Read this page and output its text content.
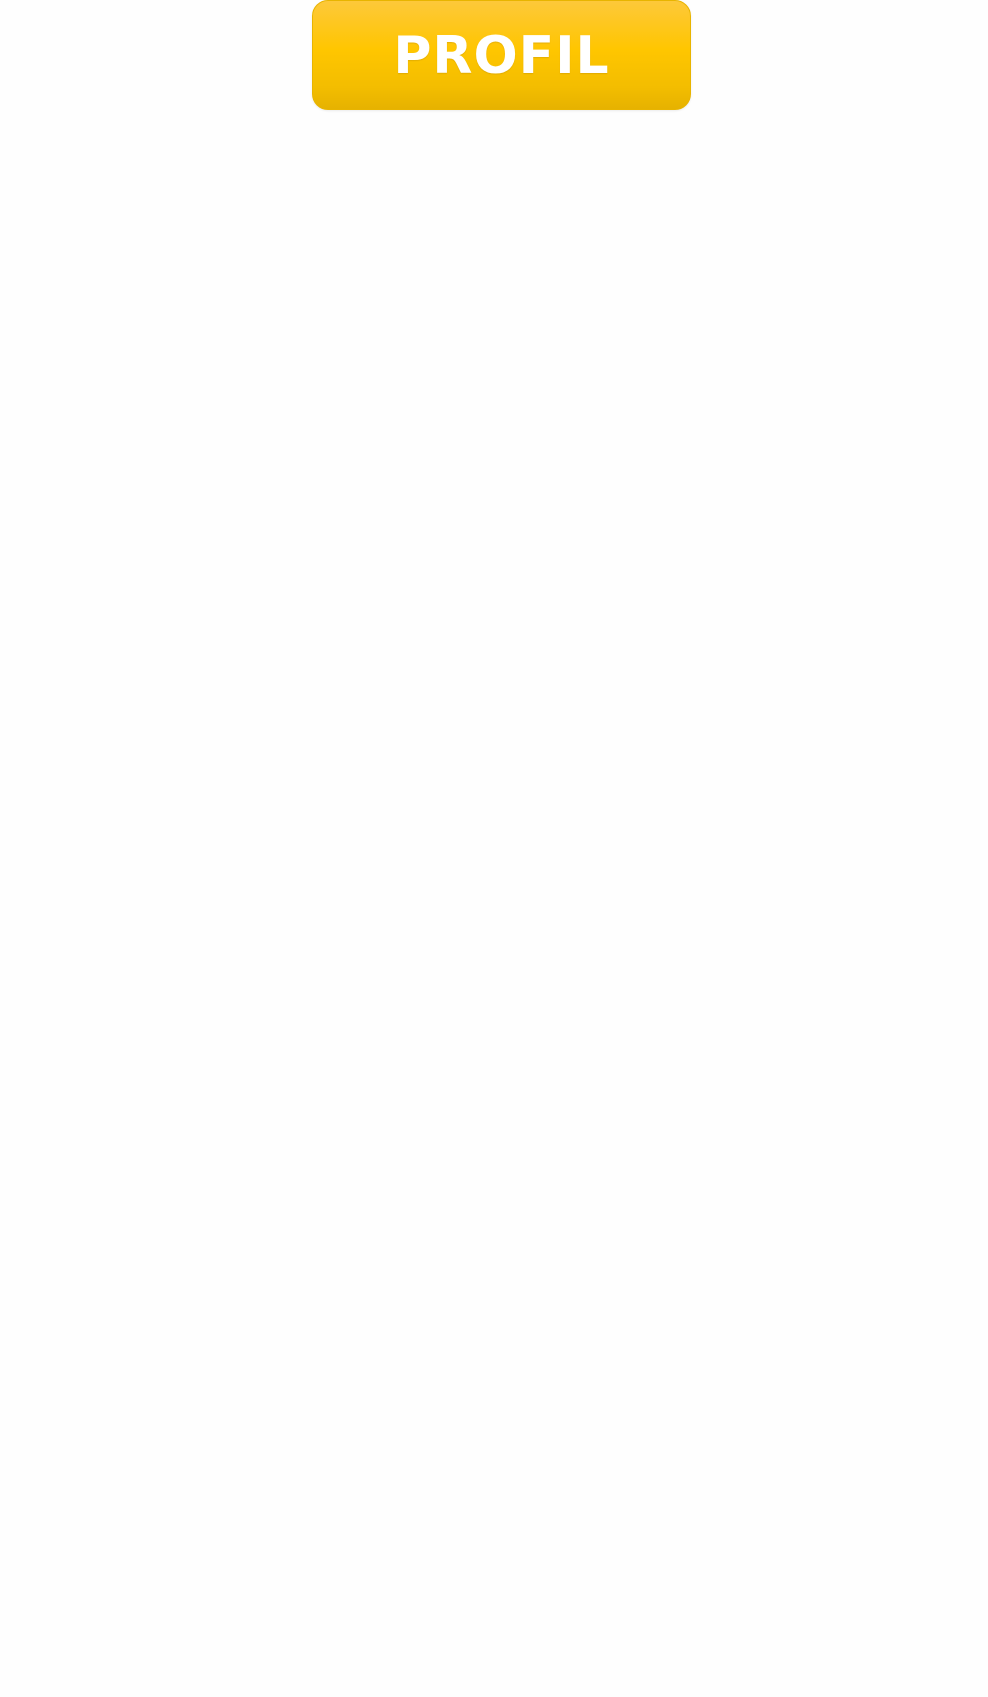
PROFIL
